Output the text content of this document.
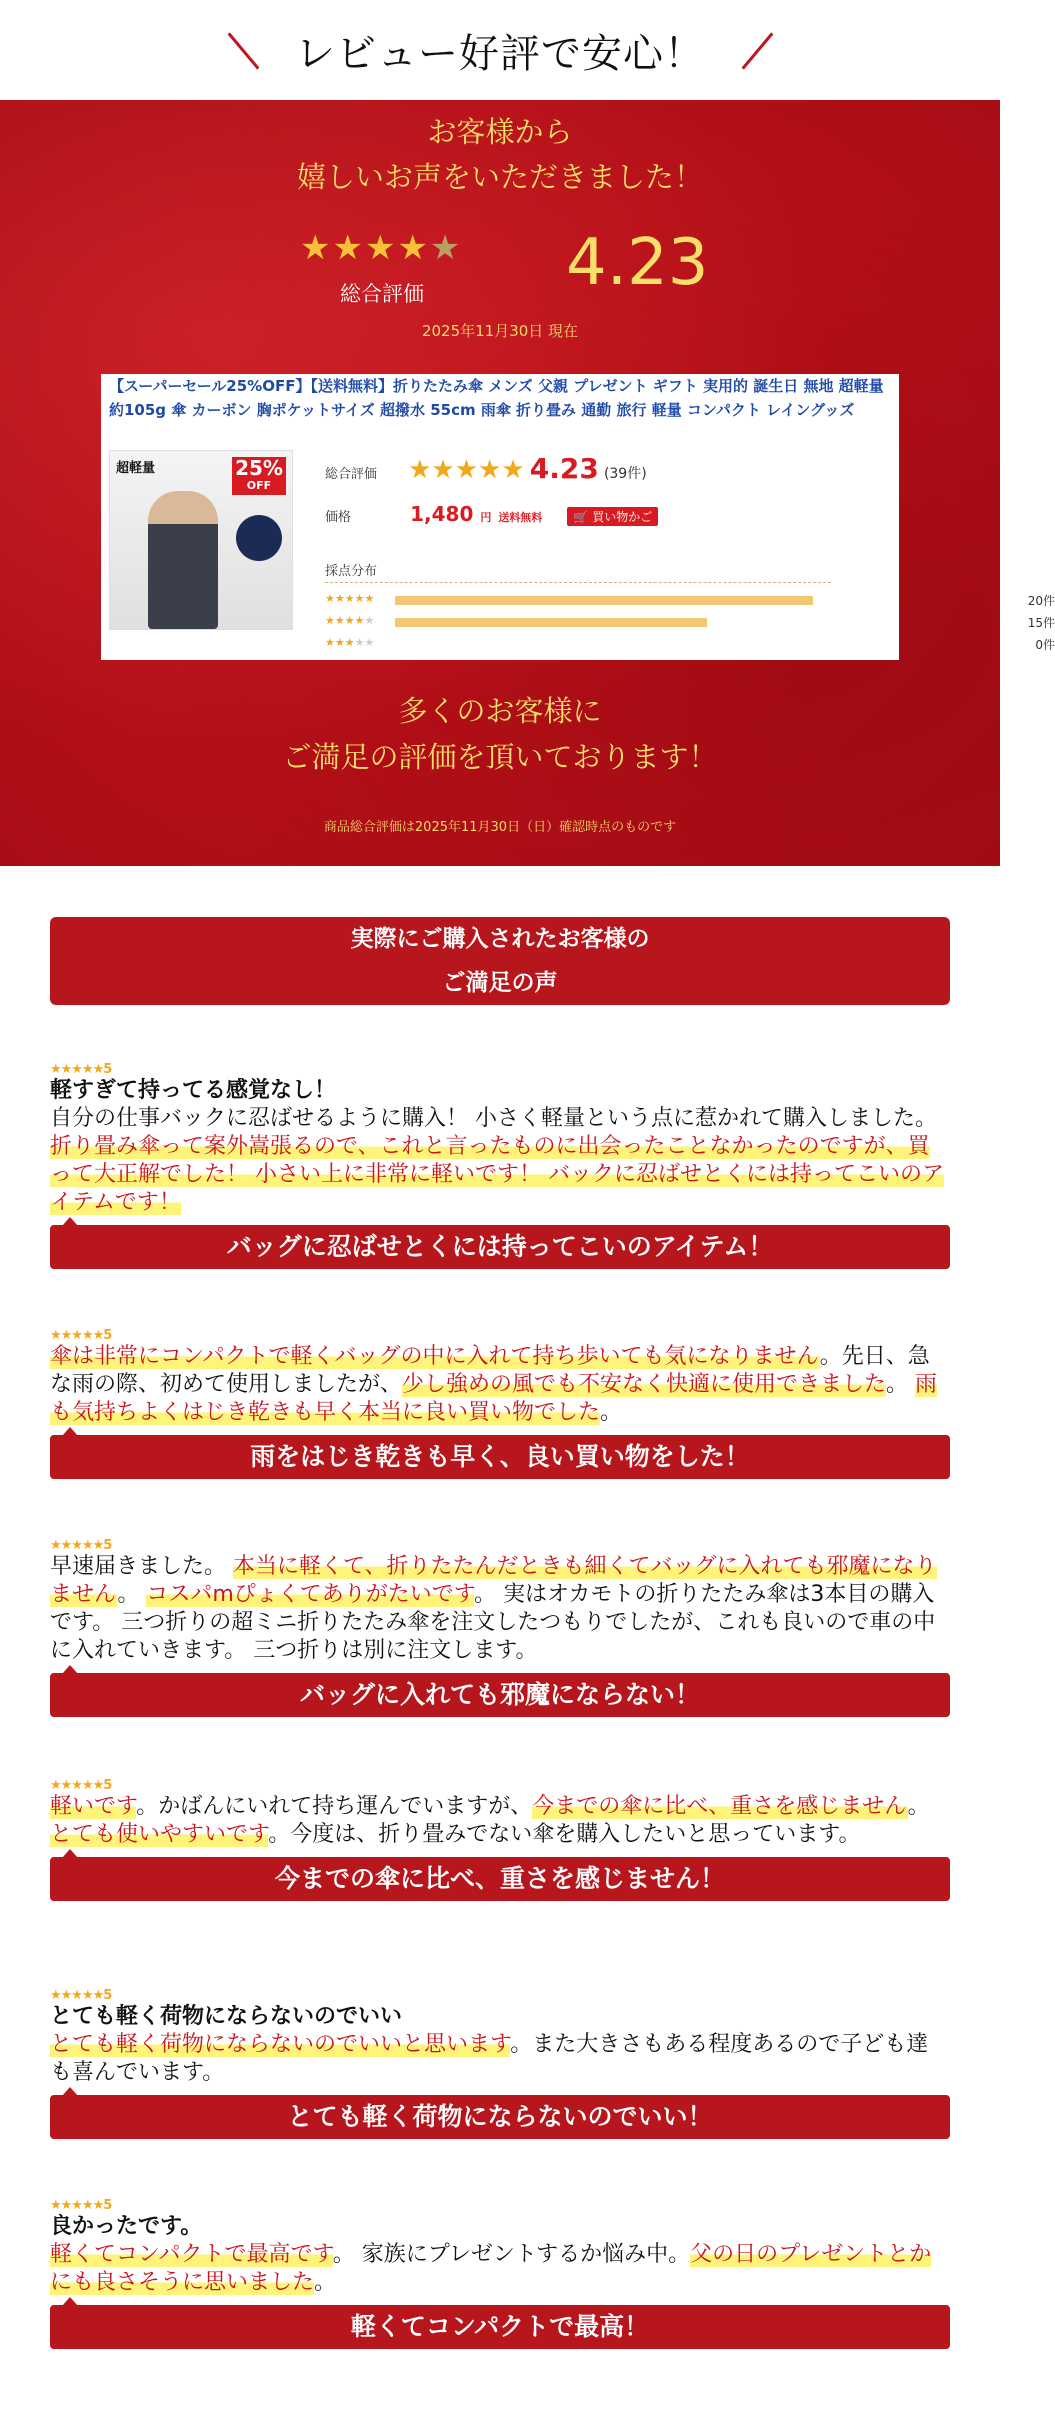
レビュー好評で安心！
お客様から
嬉しいお声をいただきました！
★★★★★
総合評価 4.23
2025年11月30日 現在
【スーパーセール25%OFF】【送料無料】折りたたみ傘 メンズ 父親 プレゼント ギフト 実用的 誕生日 無地 超軽量
約105g 傘 カーボン 胸ポケットサイズ 超撥水 55cm 雨傘 折り畳み 通勤 旅行 軽量 コンパクト レイングッズ
超軽量	25%
OFF
総合評価 ★★★★★ 4.23 (39件)
価格	1,480 円 送料無料	🛒 買い物かご
採点分布
★★★★★	20件
★★★★★	15件
★★★★★	0件
多くのお客様に
ご満足の評価を頂いております！
商品総合評価は2025年11月30日（日）確認時点のものです
実際にご購入されたお客様の
ご満足の声
★★★★★5
軽すぎて持ってる感覚なし！
自分の仕事バックに忍ばせるように購入！ 小さく軽量という点に惹かれて購入しました。 折り畳み傘って案外嵩張るので、これと言ったものに出会ったことなかったのですが、買って大正解でした！ 小さい上に非常に軽いです！ バックに忍ばせとくには持ってこいのアイテムです！
バッグに忍ばせとくには持ってこいのアイテム！
★★★★★5
傘は非常にコンパクトで軽くバッグの中に入れて持ち歩いても気になりません。先日、急な雨の際、初めて使用しましたが、少し強めの風でも不安なく快適に使用できました。 雨も気持ちよくはじき乾きも早く本当に良い買い物でした。
雨をはじき乾きも早く、良い買い物をした！
★★★★★5
早速届きました。 本当に軽くて、折りたたんだときも細くてバッグに入れても邪魔になりません。 コスパmぴょくてありがたいです。 実はオカモトの折りたたみ傘は3本目の購入です。 三つ折りの超ミニ折りたたみ傘を注文したつもりでしたが、これも良いので車の中に入れていきます。 三つ折りは別に注文します。
バッグに入れても邪魔にならない！
★★★★★5
軽いです。かばんにいれて持ち運んでいますが、今までの傘に比べ、重さを感じません。とても使いやすいです。今度は、折り畳みでない傘を購入したいと思っています。
今までの傘に比べ、重さを感じません！
★★★★★5
とても軽く荷物にならないのでいい
とても軽く荷物にならないのでいいと思います。また大きさもある程度あるので子ども達も喜んでいます。
とても軽く荷物にならないのでいい！
★★★★★5
良かったです。
軽くてコンパクトで最高です。 家族にプレゼントするか悩み中。父の日のプレゼントとかにも良さそうに思いました。
軽くてコンパクトで最高！
